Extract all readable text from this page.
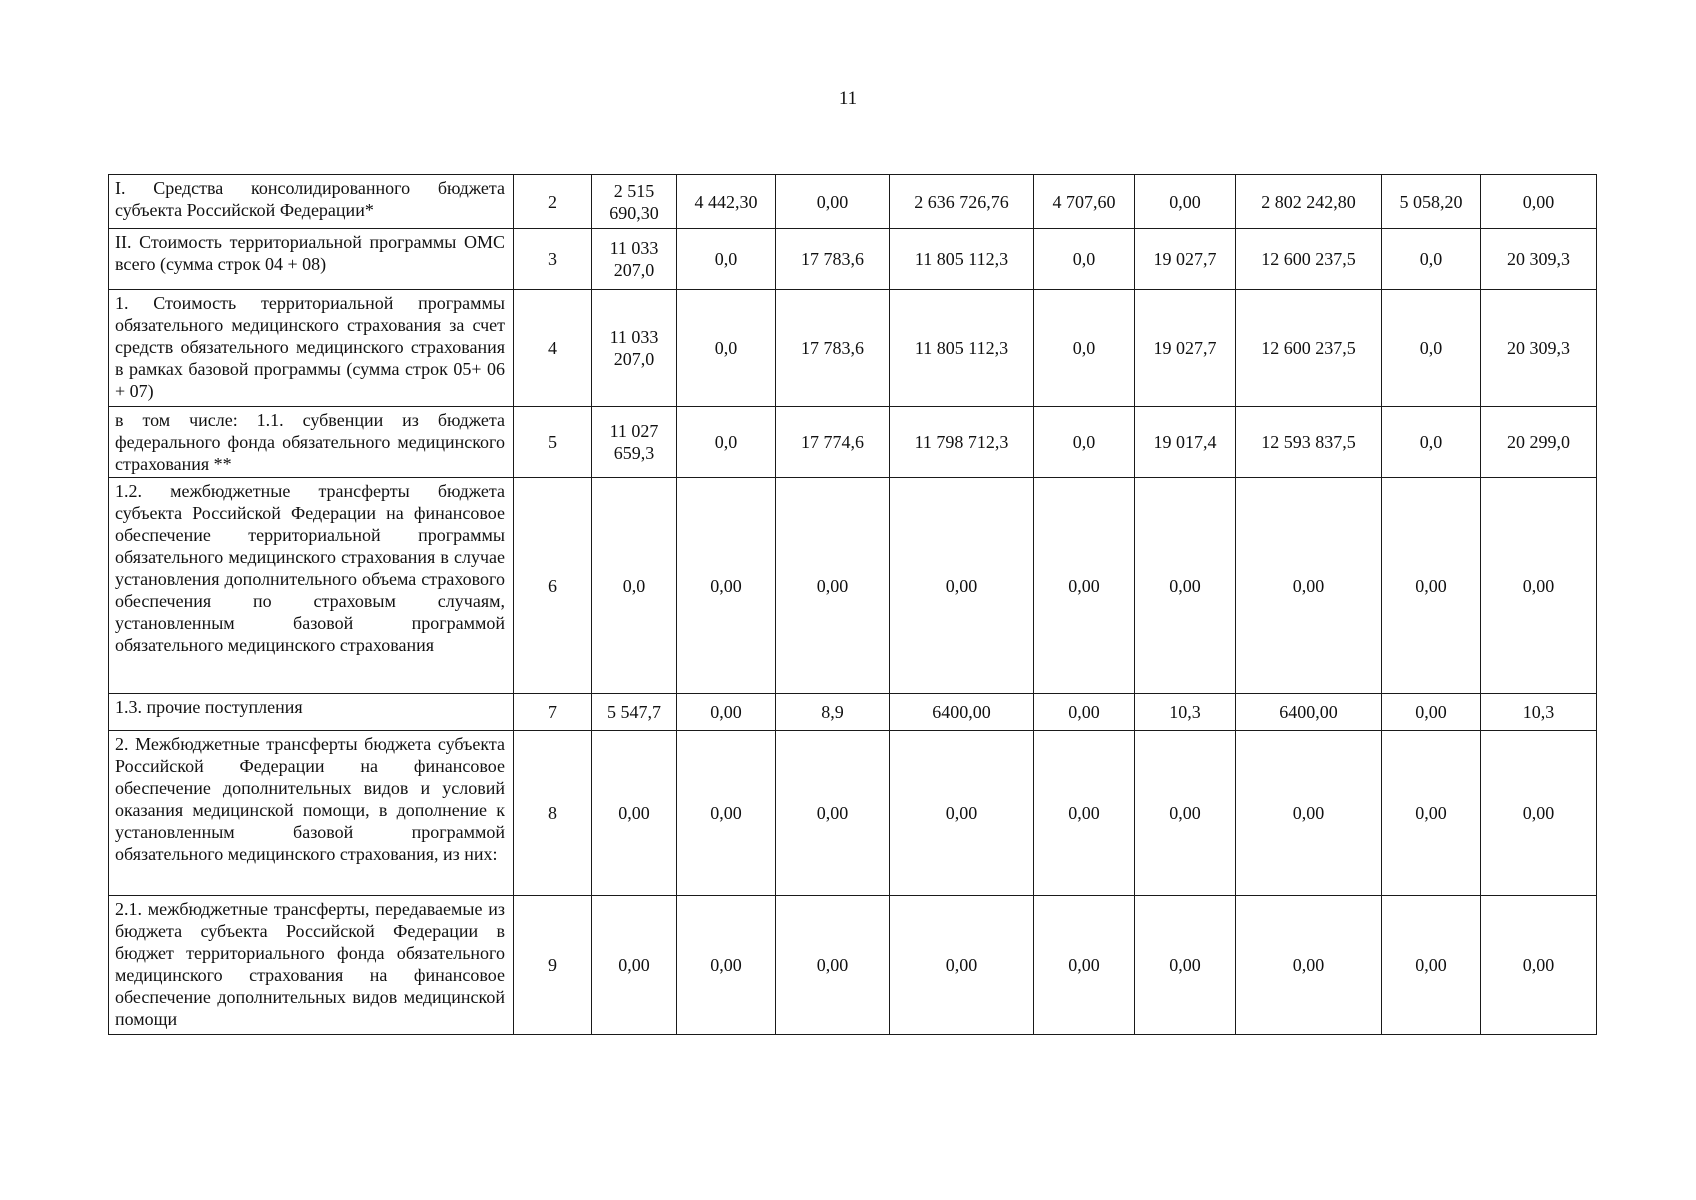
11
I. Средства консолидированного бюджета субъекта Российской Федерации*	2	2 515 690,30	4 442,30	0,00	2 636 726,76	4 707,60	0,00	2 802 242,80	5 058,20	0,00
II. Стоимость территориальной программы ОМС всего (сумма строк 04 + 08)	3	11 033 207,0	0,0	17 783,6	11 805 112,3	0,0	19 027,7	12 600 237,5	0,0	20 309,3
1. Стоимость территориальной программы обязательного медицинского страхования за счет средств обязательного медицинского страхования в рамках базовой программы (сумма строк 05+ 06 + 07)	4	11 033 207,0	0,0	17 783,6	11 805 112,3	0,0	19 027,7	12 600 237,5	0,0	20 309,3
в том числе: 1.1. субвенции из бюджета федерального фонда обязательного медицинского страхования **	5	11 027 659,3	0,0	17 774,6	11 798 712,3	0,0	19 017,4	12 593 837,5	0,0	20 299,0
1.2. межбюджетные трансферты бюджета субъекта Российской Федерации на финансовое обеспечение территориальной программы обязательного медицинского страхования в случае установления дополнительного объема страхового обеспечения по страховым случаям, установленным базовой программой обязательного медицинского страхования	6	0,0	0,00	0,00	0,00	0,00	0,00	0,00	0,00	0,00
1.3. прочие поступления	7	5 547,7	0,00	8,9	6400,00	0,00	10,3	6400,00	0,00	10,3
2. Межбюджетные трансферты бюджета субъекта Российской Федерации на финансовое обеспечение дополнительных видов и условий оказания медицинской помощи, в дополнение к установленным базовой программой обязательного медицинского страхования, из них:	8	0,00	0,00	0,00	0,00	0,00	0,00	0,00	0,00	0,00
2.1. межбюджетные трансферты, передаваемые из бюджета субъекта Российской Федерации в бюджет территориального фонда обязательного медицинского страхования на финансовое обеспечение дополнительных видов медицинской помощи	9	0,00	0,00	0,00	0,00	0,00	0,00	0,00	0,00	0,00
